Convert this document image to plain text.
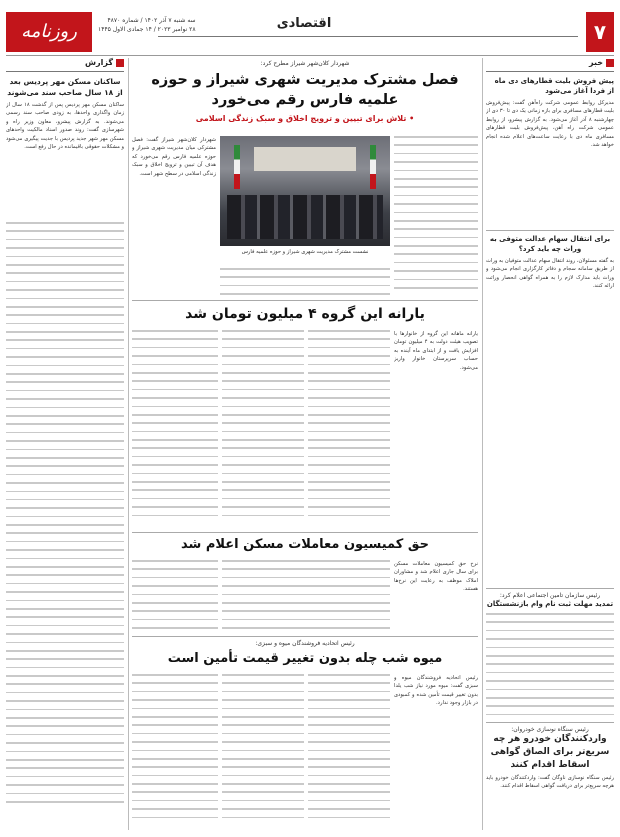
۷
اقتصادی
روزنامه پیشرو
سه شنبه ۷ آذر ۱۴۰۲ / شماره ۴۸۷۰
۲۸ نوامبر ۲۰۲۳ / ۱۴ جمادی الاول ۱۴۴۵
خبر
پیش فروش بلیت قطارهای دی ماه از فردا آغاز می‌شود
مدیرکل روابط عمومی شرکت راه‌آهن گفت: پیش‌فروش بلیت قطارهای مسافری برای بازه زمانی یک دی تا ۳۰ دی از چهارشنبه ۸ آذر آغاز می‌شود. به گزارش پیشرو، از روابط عمومی شرکت راه آهن، پیش‌فروش بلیت قطارهای مسافری ماه دی با رعایت ساعت‌های اعلام شده انجام خواهد شد.
برای انتقال سهام عدالت متوفی به وراث چه باید کرد؟
به گفته مسئولان، روند انتقال سهام عدالت متوفیان به وراث از طریق سامانه سجام و دفاتر کارگزاری انجام می‌شود و وراث باید مدارک لازم را به همراه گواهی انحصار وراثت ارائه کنند.
رئیس سازمان تامین اجتماعی اعلام کرد:
تمدید مهلت ثبت نام وام بازنشستگان
رئیس سنگاه نوسازی خودروان:
وارد‌کنندگان خودرو هر چه سریع‌تر برای الصاق گواهی اسقاط اقدام کنند
رئیس سنگاه نوسازی ناوگان گفت: واردکنندگان خودرو باید هرچه سریع‌تر برای دریافت گواهی اسقاط اقدام کنند.
شهردار کلان‌شهر شیراز مطرح کرد:
فصل مشترک مدیریت شهری شیراز و حوزه علمیه فارس رقم می‌خورد
• تلاش برای تبیین و ترویج اخلاق و سبک زندگی اسلامی
نشست مشترک مدیریت شهری شیراز و حوزه علمیه فارس
شهردار کلان‌شهر شیراز گفت: فصل مشترکی میان مدیریت شهری شیراز و حوزه علمیه فارس رقم می‌خورد که هدف آن تبیین و ترویج اخلاق و سبک زندگی اسلامی در سطح شهر است.
یارانه این گروه ۴ میلیون تومان شد
یارانه ماهانه این گروه از خانوارها با تصویب هیئت دولت به ۴ میلیون تومان افزایش یافت و از ابتدای ماه آینده به حساب سرپرستان خانوار واریز می‌شود.
حق کمیسیون معاملات مسکن اعلام شد
نرخ حق کمیسیون معاملات مسکن برای سال جاری اعلام شد و مشاوران املاک موظف به رعایت این نرخ‌ها هستند.
رئیس اتحادیه فروشندگان میوه و سبزی:
میوه شب چله بدون تغییر قیمت تأمین است
رئیس اتحادیه فروشندگان میوه و سبزی گفت: میوه مورد نیاز شب یلدا بدون تغییر قیمت تأمین شده و کمبودی در بازار وجود ندارد.
گزارش
ساکنان مسکن مهر پردیس بعد از ۱۸ سال صاحب سند می‌شوند
ساکنان مسکن مهر پردیس پس از گذشت ۱۸ سال از زمان واگذاری واحدها، به زودی صاحب سند رسمی می‌شوند. به گزارش پیشرو، معاون وزیر راه و شهرسازی گفت: روند صدور اسناد مالکیت واحدهای مسکن مهر شهر جدید پردیس با جدیت پیگیری می‌شود و مشکلات حقوقی باقیمانده در حال رفع است.
